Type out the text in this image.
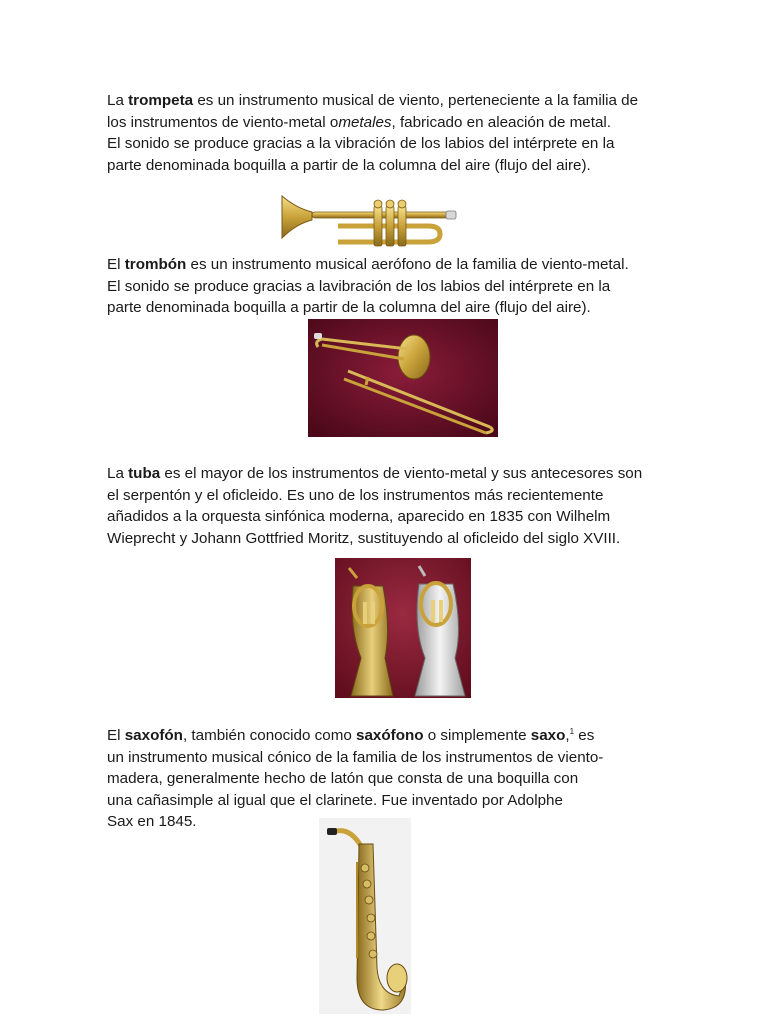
La trompeta es un instrumento musical de viento, perteneciente a la familia de
los instrumentos de viento-metal ometales, fabricado en aleación de metal.
El sonido se produce gracias a la vibración de los labios del intérprete en la
parte denominada boquilla a partir de la columna del aire (flujo del aire).
El trombón es un instrumento musical aerófono de la familia de viento-metal.
El sonido se produce gracias a lavibración de los labios del intérprete en la
parte denominada boquilla a partir de la columna del aire (flujo del aire).
La tuba es el mayor de los instrumentos de viento-metal y sus antecesores son
el serpentón y el oficleido. Es uno de los instrumentos más recientemente
añadidos a la orquesta sinfónica moderna, aparecido en 1835 con Wilhelm
Wieprecht y Johann Gottfried Moritz, sustituyendo al oficleido del siglo XVIII.
El saxofón, también conocido como saxófono o simplemente saxo,$^1$ es
un instrumento musical cónico de la familia de los instrumentos de viento-
madera, generalmente hecho de latón que consta de una boquilla con
una cañasimple al igual que el clarinete. Fue inventado por Adolphe
Sax en 1845.
